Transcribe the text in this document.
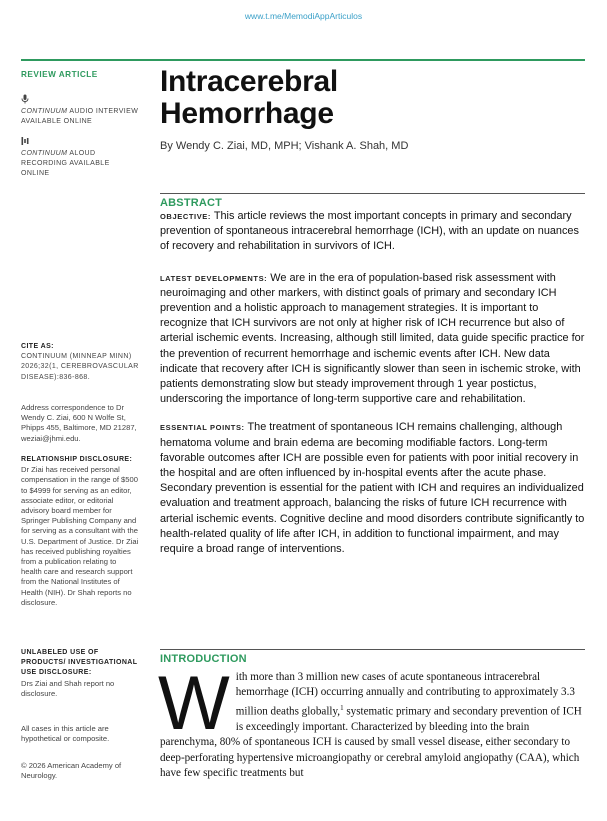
www.t.me/MemodiAppArticulos
REVIEW ARTICLE
CONTINUUM AUDIO INTERVIEW AVAILABLE ONLINE
CONTINUUM ALOUD RECORDING AVAILABLE ONLINE
CITE AS:
CONTINUUM (MINNEAP MINN) 2026;32(1, CEREBROVASCULAR DISEASE):836-868.
Address correspondence to Dr Wendy C. Ziai, 600 N Wolfe St, Phipps 455, Baltimore, MD 21287, weziai@jhmi.edu.
RELATIONSHIP DISCLOSURE:
Dr Ziai has received personal compensation in the range of $500 to $4999 for serving as an editor, associate editor, or editorial advisory board member for Springer Publishing Company and for serving as a consultant with the U.S. Department of Justice. Dr Ziai has received publishing royalties from a publication relating to health care and research support from the National Institutes of Health (NIH). Dr Shah reports no disclosure.
UNLABELED USE OF PRODUCTS/ INVESTIGATIONAL USE DISCLOSURE:
Drs Ziai and Shah report no disclosure.
All cases in this article are hypothetical or composite.
© 2026 American Academy of Neurology.
Intracerebral
Hemorrhage
By Wendy C. Ziai, MD, MPH; Vishank A. Shah, MD
ABSTRACT

OBJECTIVE: This article reviews the most important concepts in primary and secondary prevention of spontaneous intracerebral hemorrhage (ICH), with an update on nuances of recovery and rehabilitation in survivors of ICH.

LATEST DEVELOPMENTS: We are in the era of population-based risk assessment with neuroimaging and other markers, with distinct goals of primary and secondary ICH prevention and a holistic approach to management strategies. It is important to recognize that ICH survivors are not only at higher risk of ICH recurrence but also of arterial ischemic events. Increasing, although still limited, data guide specific practice for the prevention of recurrent hemorrhage and ischemic events after ICH. New data indicate that recovery after ICH is significantly slower than seen in ischemic stroke, with patients demonstrating slow but steady improvement through 1 year postictus, underscoring the importance of long-term supportive care and rehabilitation.

ESSENTIAL POINTS: The treatment of spontaneous ICH remains challenging, although hematoma volume and brain edema are becoming modifiable factors. Long-term favorable outcomes after ICH are possible even for patients with poor initial recovery in the hospital and are often influenced by in-hospital events after the acute phase. Secondary prevention is essential for the patient with ICH and requires an individualized evaluation and treatment approach, balancing the risks of future ICH recurrence with arterial ischemic events. Cognitive decline and mood disorders contribute significantly to health-related quality of life after ICH, in addition to functional impairment, and may require a broad range of interventions.

INTRODUCTION
With more than 3 million new cases of acute spontaneous intracerebral hemorrhage (ICH) occurring annually and contributing to approximately 3.3 million deaths globally,$^1$ systematic primary and secondary prevention of ICH is exceedingly important. Characterized by bleeding into the brain parenchyma, 80% of spontaneous ICH is caused by small vessel disease, either secondary to deep-perforating hypertensive microangiopathy or cerebral amyloid angiopathy (CAA), which have few specific treatments but
